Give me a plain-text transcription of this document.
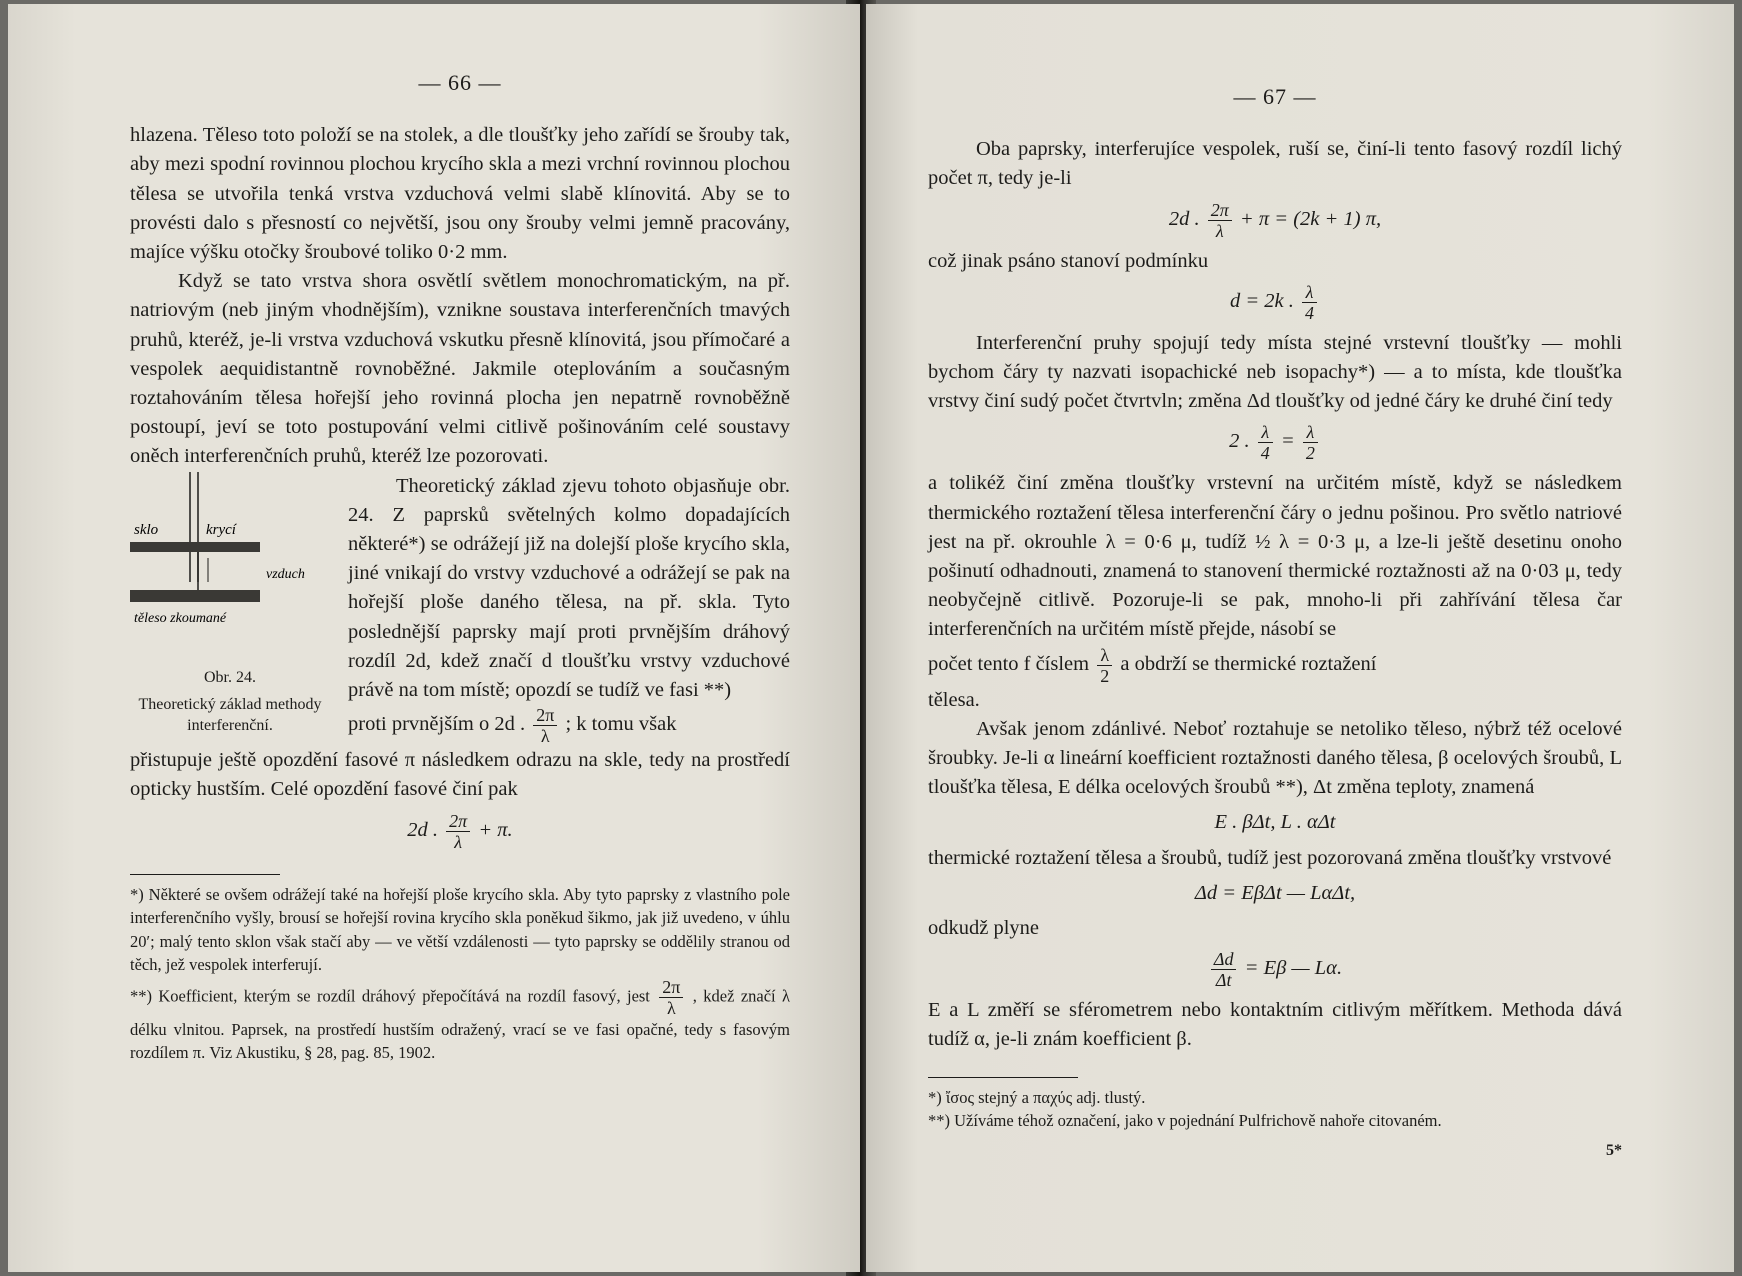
— 66 —

hlazena. Těleso toto položí se na stolek, a dle tloušťky jeho zařídí se šrouby tak, aby mezi spodní rovinnou plochou krycího skla a mezi vrchní rovinnou plochou tělesa se utvořila tenká vrstva vzduchová velmi slabě klínovitá. Aby se to provésti dalo s přesností co největší, jsou ony šrouby velmi jemně pracovány, majíce výšku otočky šroubové toliko 0·2 mm.

Když se tato vrstva shora osvětlí světlem monochromatickým, na př. natriovým (neb jiným vhodnějším), vznikne soustava interferenčních tmavých pruhů, kteréž, je-li vrstva vzduchová vskutku přesně klínovitá, jsou přímočaré a vespolek aequidistantně rovnoběžné. Jakmile oteplováním a současným roztahováním tělesa hořejší jeho rovinná plocha jen nepatrně rovnoběžně postoupí, jeví se toto postupování velmi citlivě pošinováním celé soustavy oněch interferenčních pruhů, kteréž lze pozorovati.

sklo	krycí
vzduch
těleso zkoumané
Obr. 24.
Theoretický základ methody interferenční.

Theoretický základ zjevu tohoto objasňuje obr. 24. Z paprsků světelných kolmo dopadajících některé*) se odrážejí již na dolejší ploše krycího skla, jiné vnikají do vrstvy vzduchové a odrážejí se pak na hořejší ploše daného tělesa, na př. skla. Tyto poslednější paprsky mají proti prvnějším dráhový rozdíl 2d, kdež značí d tloušťku vrstvy vzduchové právě na tom místě; opozdí se tudíž ve fasi **)

proti prvnějším o 2d . $\frac{2\pi}{\lambda}$ ; k tomu však

přistupuje ještě opozdění fasové π následkem odrazu na skle, tedy na prostředí opticky hustším. Celé opozdění fasové činí pak

2d . $\frac{2\pi}{\lambda} + \pi$.

*) Některé se ovšem odrážejí také na hořejší ploše krycího skla. Aby tyto paprsky z vlastního pole interferenčního vyšly, brousí se hořejší rovina krycího skla poněkud šikmo, jak již uvedeno, v úhlu 20′; malý tento sklon však stačí aby — ve větší vzdálenosti — tyto paprsky se oddělily stranou od těch, jež vespolek interferují.

**) Koefficient, kterým se rozdíl dráhový přepočítává na rozdíl fasový, jest $\frac{2\pi}{\lambda}$ , kdež značí λ délku vlnitou. Paprsek, na prostředí hustším odražený, vrací se ve fasi opačné, tedy s fasovým rozdílem π. Viz Akustiku, § 28, pag. 85, 1902.

— 67 —

Oba paprsky, interferujíce vespolek, ruší se, činí-li tento fasový rozdíl lichý počet π, tedy je-li

2d . $\frac{2\pi}{\lambda} + \pi = (2k + 1)$ π,

což jinak psáno stanoví podmínku

d = 2k . $\frac{\lambda}{4}$

Interferenční pruhy spojují tedy místa stejné vrstevní tloušťky — mohli bychom čáry ty nazvati isopachické neb isopachy*) — a to místa, kde tloušťka vrstvy činí sudý počet čtvrtvln; změna Δd tloušťky od jedné čáry ke druhé činí tedy

2 . $\frac{\lambda}{4} = \frac{\lambda}{2}$

a tolikéž činí změna tloušťky vrstevní na určitém místě, když se následkem thermického roztažení tělesa interferenční čáry o jednu pošinou. Pro světlo natriové jest na př. okrouhle λ = 0·6 μ, tudíž ½ λ = 0·3 μ, a lze-li ještě desetinu onoho pošinutí odhadnouti, znamená to stanovení thermické roztažnosti až na 0·03 μ, tedy neobyčejně citlivě. Pozoruje-li se pak, mnoho-li při zahřívání tělesa čar interferenčních na určitém místě přejde, násobí se

počet tento f číslem $\frac{\lambda}{2}$ a obdrží se thermické roztažení

tělesa.

Avšak jenom zdánlivé. Neboť roztahuje se netoliko těleso, nýbrž též ocelové šroubky. Je-li α lineární koefficient roztažnosti daného tělesa, β ocelových šroubů, L tloušťka tělesa, E délka ocelových šroubů **), Δt změna teploty, znamená

E . βΔt, L . αΔt

thermické roztažení tělesa a šroubů, tudíž jest pozorovaná změna tloušťky vrstvové

Δd = EβΔt — LαΔt,

odkudž plyne

$\frac{\Delta d}{\Delta t} = E\beta$ — Lα.

E a L změří se sférometrem nebo kontaktním citlivým měřítkem. Methoda dává tudíž α, je-li znám koefficient β.

*) ἴσος stejný a παχύς adj. tlustý.

**) Užíváme téhož označení, jako v pojednání Pulfrichově nahoře citovaném.

5*
